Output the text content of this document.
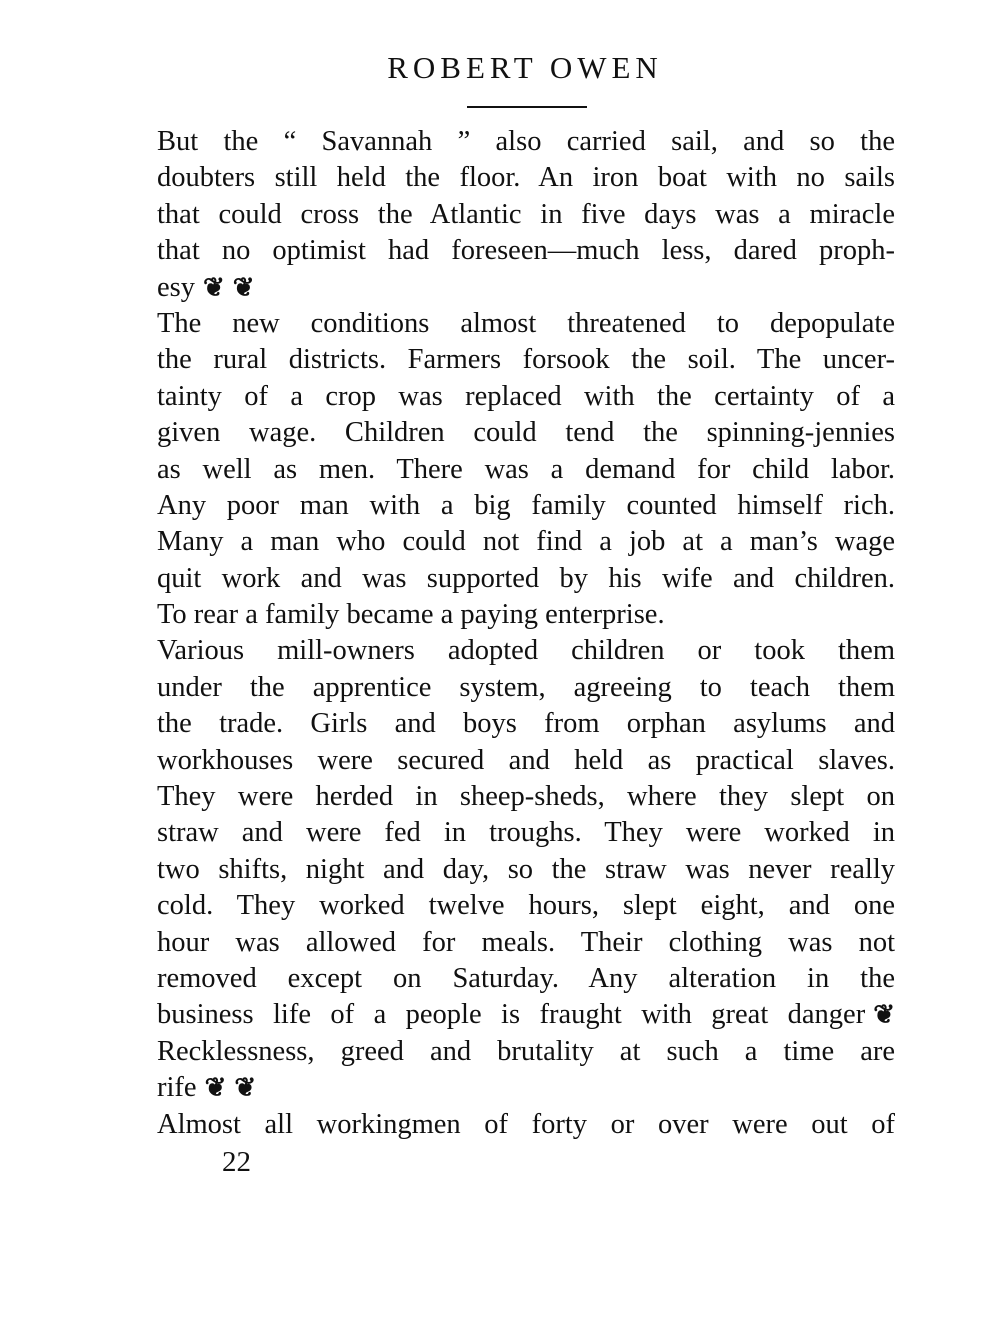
ROBERT OWEN
But the “ Savannah ” also carried sail, and so the
doubters still held the floor. An iron boat with no sails
that could cross the Atlantic in five days was a miracle
that no optimist had foreseen—much less, dared proph-
esy❦❦
The new conditions almost threatened to depopulate
the rural districts. Farmers forsook the soil. The uncer-
tainty of a crop was replaced with the certainty of a
given wage. Children could tend the spinning-jennies
as well as men. There was a demand for child labor.
Any poor man with a big family counted himself rich.
Many a man who could not find a job at a man’s wage
quit work and was supported by his wife and children.
To rear a family became a paying enterprise.
Various mill-owners adopted children or took them
under the apprentice system, agreeing to teach them
the trade. Girls and boys from orphan asylums and
workhouses were secured and held as practical slaves.
They were herded in sheep-sheds, where they slept on
straw and were fed in troughs. They were worked in
two shifts, night and day, so the straw was never really
cold. They worked twelve hours, slept eight, and one
hour was allowed for meals. Their clothing was not
removed except on Saturday. Any alteration in the
business life of a people is fraught with great danger❦
Recklessness, greed and brutality at such a time are
rife❦❦
Almost all workingmen of forty or over were out of
22
